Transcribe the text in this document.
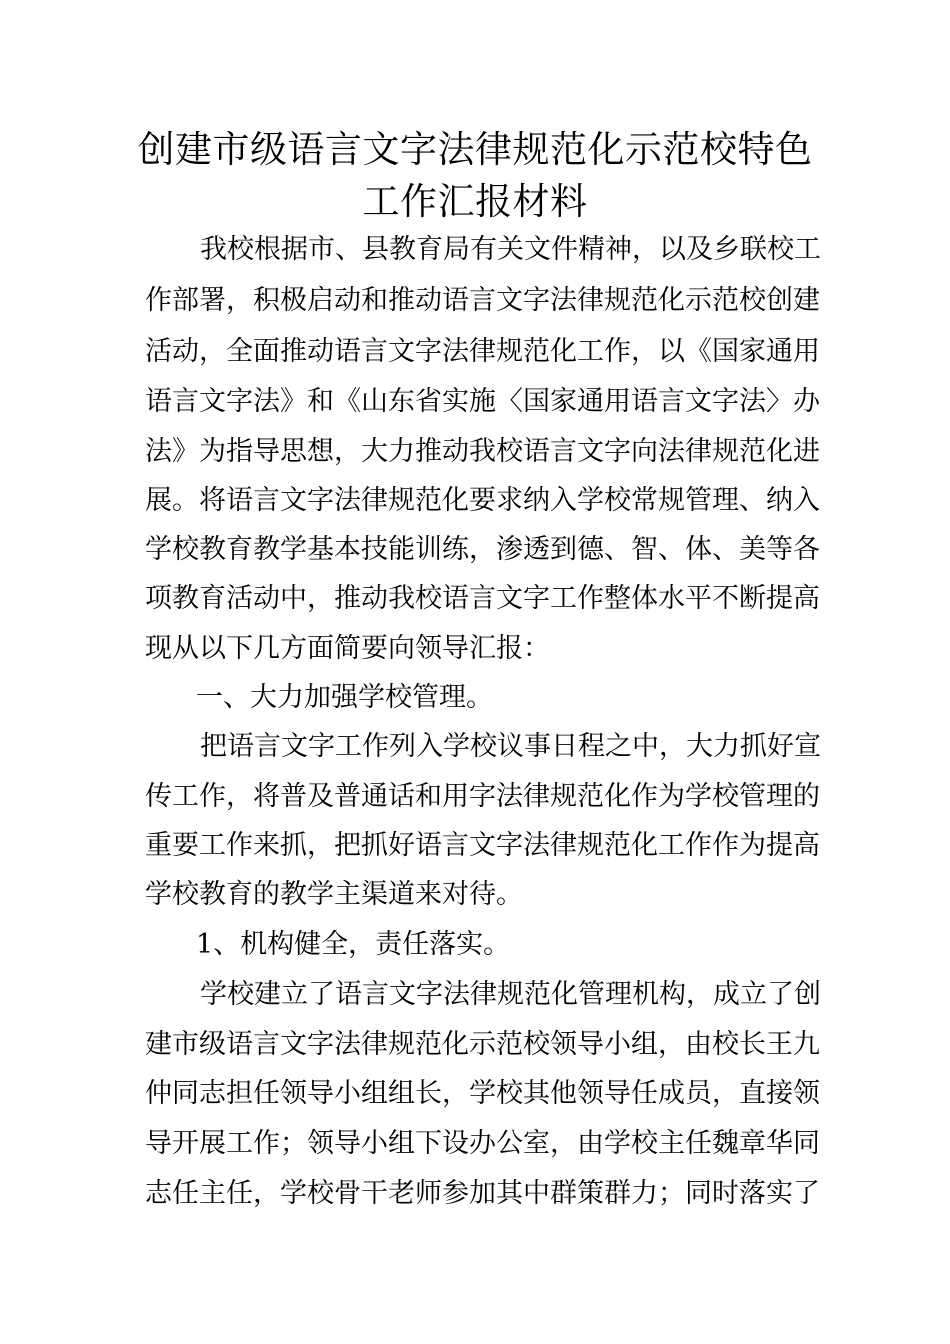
创建市级语言文字法律规范化示范校特色
工作汇报材料
我校根据市、县教育局有关文件精神，以及乡联校工
作部署，积极启动和推动语言文字法律规范化示范校创建
活动，全面推动语言文字法律规范化工作，以《国家通用
语言文字法》和《山东省实施〈国家通用语言文字法〉办
法》为指导思想，大力推动我校语言文字向法律规范化进
展。将语言文字法律规范化要求纳入学校常规管理、纳入
学校教育教学基本技能训练，渗透到德、智、体、美等各
项教育活动中，推动我校语言文字工作整体水平不断提高
现从以下几方面简要向领导汇报：
一、大力加强学校管理。
把语言文字工作列入学校议事日程之中，大力抓好宣
传工作，将普及普通话和用字法律规范化作为学校管理的
重要工作来抓，把抓好语言文字法律规范化工作作为提高
学校教育的教学主渠道来对待。
1、机构健全，责任落实。
学校建立了语言文字法律规范化管理机构，成立了创
建市级语言文字法律规范化示范校领导小组，由校长王九
仲同志担任领导小组组长，学校其他领导任成员，直接领
导开展工作；领导小组下设办公室，由学校主任魏章华同
志任主任，学校骨干老师参加其中群策群力；同时落实了
